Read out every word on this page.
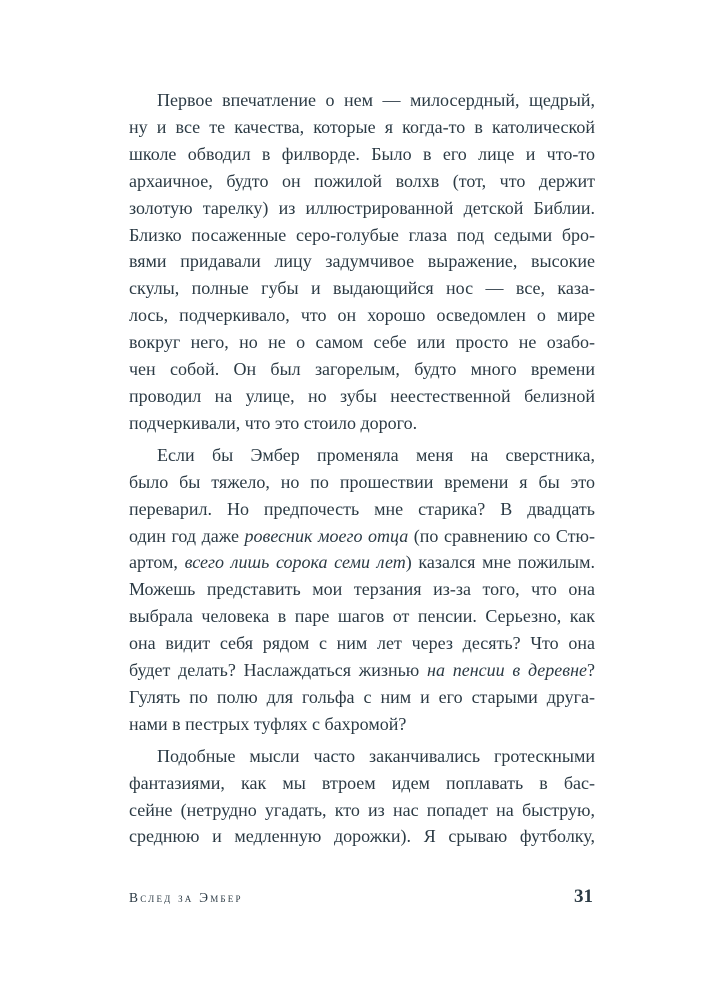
Первое впечатление о нем — милосердный, щедрый,
ну и все те качества, которые я когда-то в католической
школе обводил в филворде. Было в его лице и что-то
архаичное, будто он пожилой волхв (тот, что держит
золотую тарелку) из иллюстрированной детской Библии.
Близко посаженные серо-голубые глаза под седыми бро-
вями придавали лицу задумчивое выражение, высокие
скулы, полные губы и выдающийся нос — все, каза-
лось, подчеркивало, что он хорошо осведомлен о мире
вокруг него, но не о самом себе или просто не озабо-
чен собой. Он был загорелым, будто много времени
проводил на улице, но зубы неестественной белизной
подчеркивали, что это стоило дорого.
Если бы Эмбер променяла меня на сверстника,
было бы тяжело, но по прошествии времени я бы это
переварил. Но предпочесть мне старика? В двадцать
один год даже ровесник моего отца (по сравнению со Стю-
артом, всего лишь сорока семи лет) казался мне пожилым.
Можешь представить мои терзания из-за того, что она
выбрала человека в паре шагов от пенсии. Серьезно, как
она видит себя рядом с ним лет через десять? Что она
будет делать? Наслаждаться жизнью на пенсии в деревне?
Гулять по полю для гольфа с ним и его старыми друга-
нами в пестрых туфлях с бахромой?
Подобные мысли часто заканчивались гротескными
фантазиями, как мы втроем идем поплавать в бас-
сейне (нетрудно угадать, кто из нас попадет на быструю,
среднюю и медленную дорожки). Я срываю футболку,
Вслед за Эмбер	31
